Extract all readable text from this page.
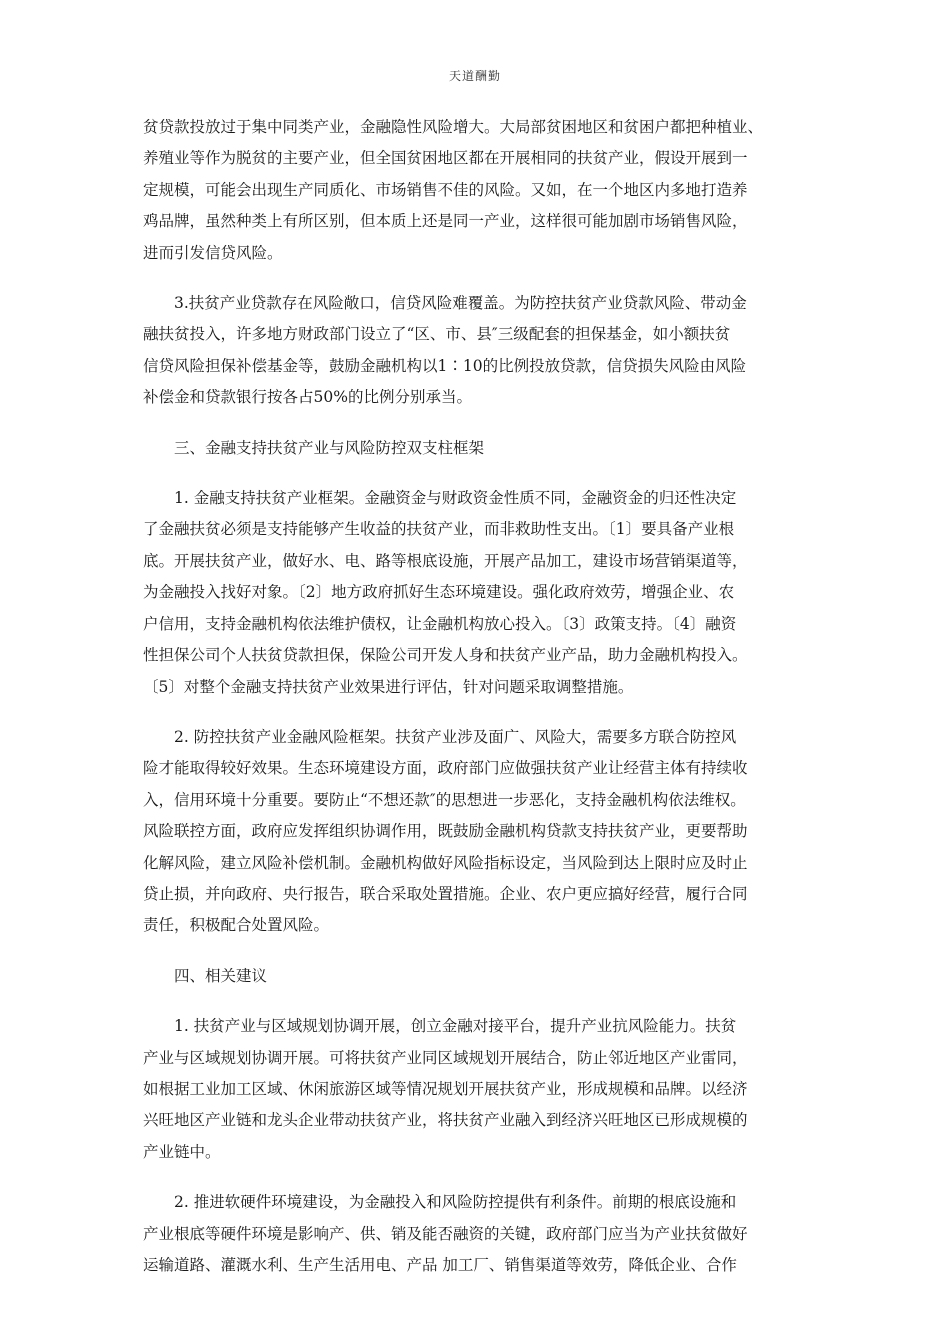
天道酬勤
贫贷款投放过于集中同类产业，金融隐性风险增大。大局部贫困地区和贫困户都把种植业、
养殖业等作为脱贫的主要产业，但全国贫困地区都在开展相同的扶贫产业，假设开展到一
定规模，可能会出现生产同质化、市场销售不佳的风险。又如，在一个地区内多地打造养
鸡品牌，虽然种类上有所区别，但本质上还是同一产业，这样很可能加剧市场销售风险，
进而引发信贷风险。
3.扶贫产业贷款存在风险敞口，信贷风险难覆盖。为防控扶贫产业贷款风险、带动金
融扶贫投入，许多地方财政部门设立了“区、市、县″三级配套的担保基金，如小额扶贫
信贷风险担保补偿基金等，鼓励金融机构以1∶10的比例投放贷款，信贷损失风险由风险
补偿金和贷款银行按各占50%的比例分别承当。
三、金融支持扶贫产业与风险防控双支柱框架
1. 金融支持扶贫产业框架。金融资金与财政资金性质不同，金融资金的归还性决定
了金融扶贫必须是支持能够产生收益的扶贫产业，而非救助性支出。〔1〕要具备产业根
底。开展扶贫产业，做好水、电、路等根底设施，开展产品加工，建设市场营销渠道等，
为金融投入找好对象。〔2〕地方政府抓好生态环境建设。强化政府效劳，增强企业、农
户信用，支持金融机构依法维护债权，让金融机构放心投入。〔3〕政策支持。〔4〕融资
性担保公司个人扶贫贷款担保，保险公司开发人身和扶贫产业产品，助力金融机构投入。
〔5〕对整个金融支持扶贫产业效果进行评估，针对问题采取调整措施。
2. 防控扶贫产业金融风险框架。扶贫产业涉及面广、风险大，需要多方联合防控风
险才能取得较好效果。生态环境建设方面，政府部门应做强扶贫产业让经营主体有持续收
入，信用环境十分重要。要防止“不想还款″的思想进一步恶化，支持金融机构依法维权。
风险联控方面，政府应发挥组织协调作用，既鼓励金融机构贷款支持扶贫产业，更要帮助
化解风险，建立风险补偿机制。金融机构做好风险指标设定，当风险到达上限时应及时止
贷止损，并向政府、央行报告，联合采取处置措施。企业、农户更应搞好经营，履行合同
责任，积极配合处置风险。
四、相关建议
1. 扶贫产业与区域规划协调开展，创立金融对接平台，提升产业抗风险能力。扶贫
产业与区域规划协调开展。可将扶贫产业同区域规划开展结合，防止邻近地区产业雷同，
如根据工业加工区域、休闲旅游区域等情况规划开展扶贫产业，形成规模和品牌。以经济
兴旺地区产业链和龙头企业带动扶贫产业，将扶贫产业融入到经济兴旺地区已形成规模的
产业链中。
2. 推进软硬件环境建设，为金融投入和风险防控提供有利条件。前期的根底设施和
产业根底等硬件环境是影响产、供、销及能否融资的关键，政府部门应当为产业扶贫做好
运输道路、灌溉水利、生产生活用电、产品 加工厂、销售渠道等效劳，降低企业、合作
